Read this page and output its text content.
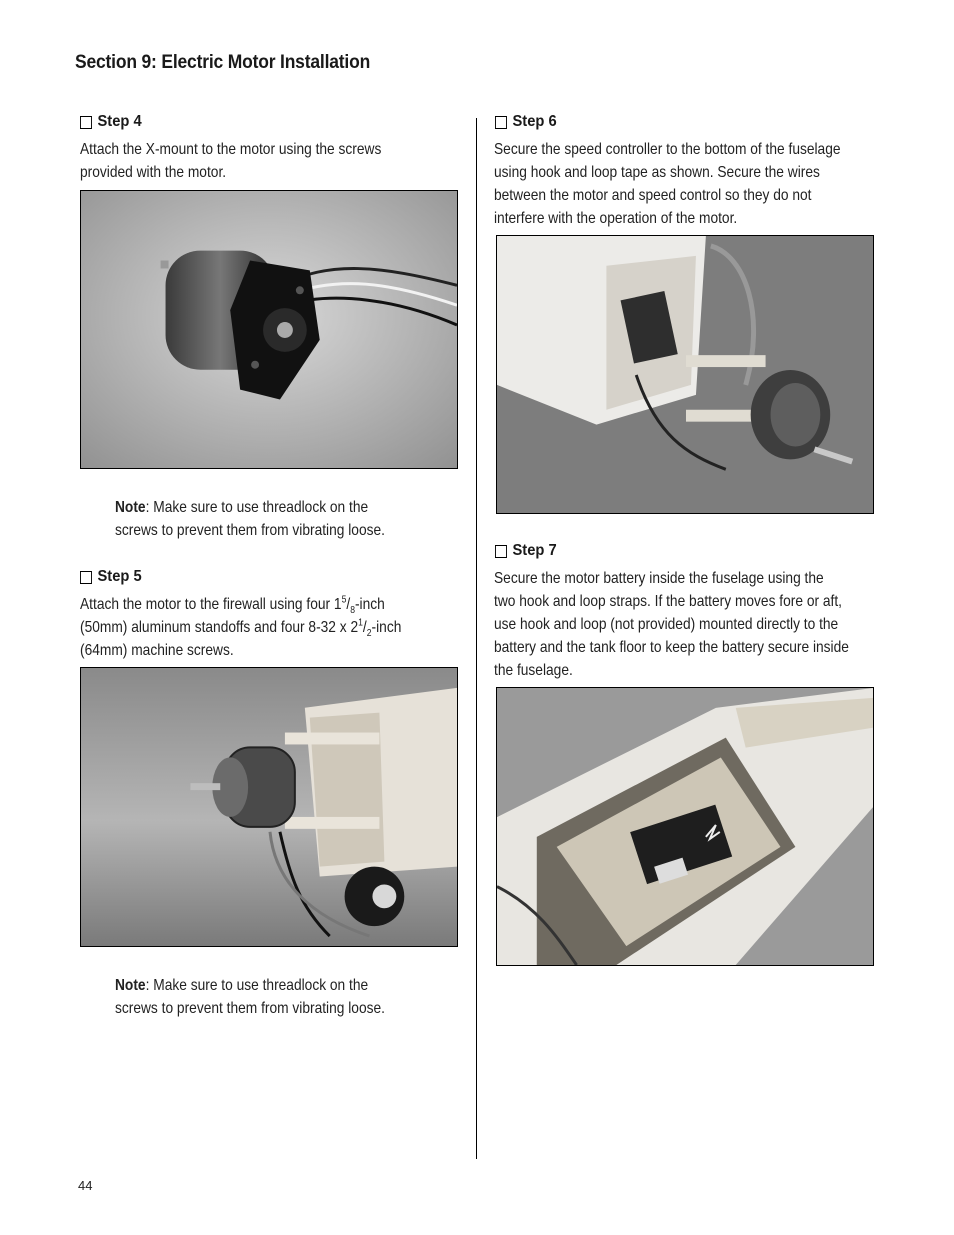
Section 9: Electric Motor Installation
Step 4
Attach the X-mount to the motor using the screws
provided with the motor.
Note: Make sure to use threadlock on the
screws to prevent them from vibrating loose.
Step 5
Attach the motor to the firewall using four $1^5/_8$-inch
(50mm) aluminum standoffs and four 8-32 x $2^1/_2$-inch
(64mm) machine screws.
Note: Make sure to use threadlock on the
screws to prevent them from vibrating loose.
Step 6
Secure the speed controller to the bottom of the fuselage
using hook and loop tape as shown. Secure the wires
between the motor and speed control so they do not
interfere with the operation of the motor.
Step 7
Secure the motor battery inside the fuselage using the
two hook and loop straps. If the battery moves fore or aft,
use hook and loop (not provided) mounted directly to the
battery and the tank floor to keep the battery secure inside
the fuselage.
44
